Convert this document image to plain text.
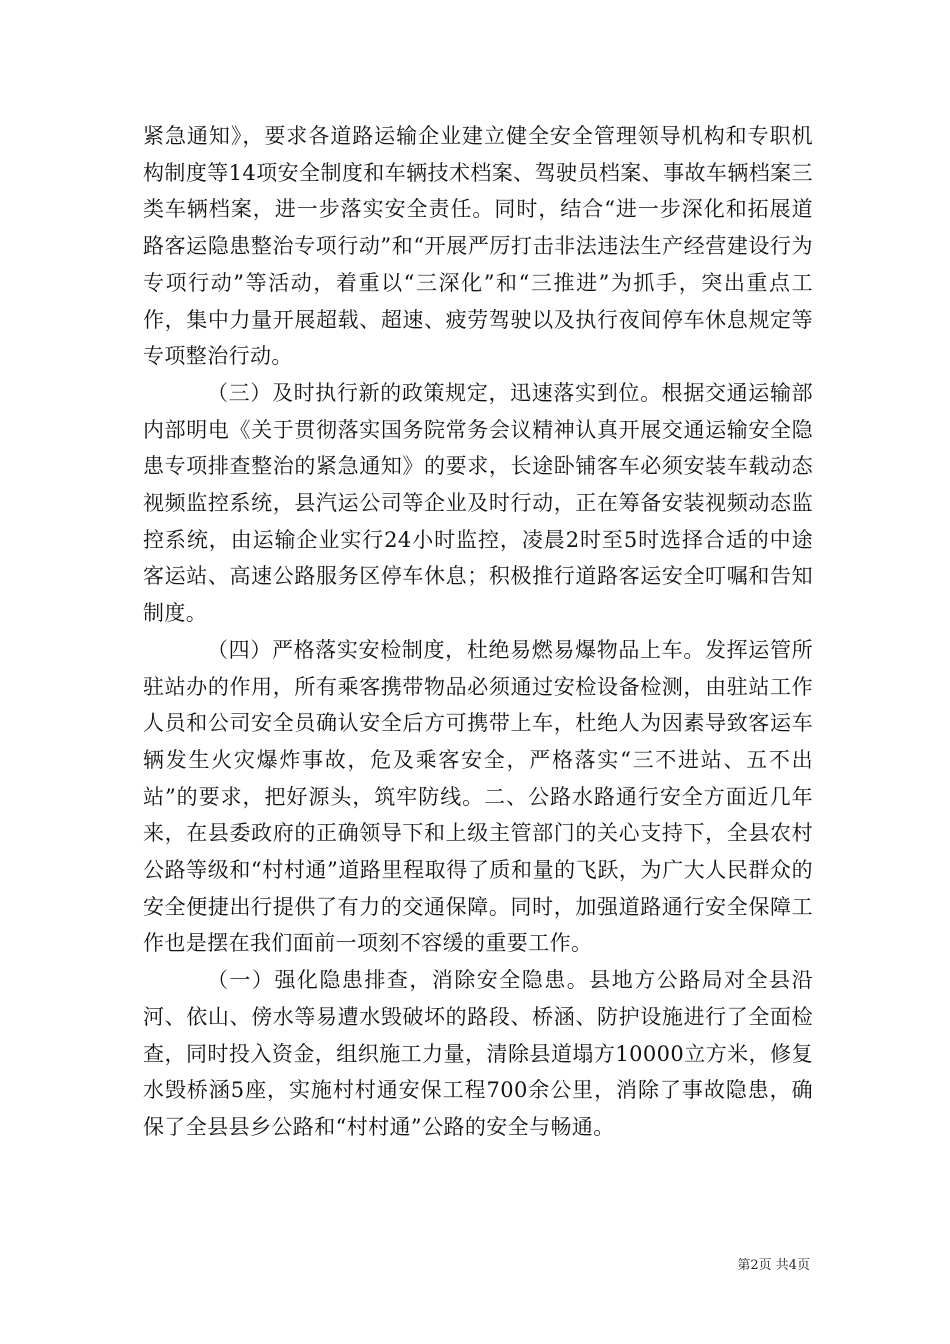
紧急通知》，要求各道路运输企业建立健全安全管理领导机构和专职机构制度等14项安全制度和车辆技术档案、驾驶员档案、事故车辆档案三类车辆档案，进一步落实安全责任。同时，结合“进一步深化和拓展道路客运隐患整治专项行动”和“开展严厉打击非法违法生产经营建设行为专项行动”等活动，着重以“三深化”和“三推进”为抓手，突出重点工作，集中力量开展超载、超速、疲劳驾驶以及执行夜间停车休息规定等专项整治行动。

（三）及时执行新的政策规定，迅速落实到位。根据交通运输部内部明电《关于贯彻落实国务院常务会议精神认真开展交通运输安全隐患专项排查整治的紧急通知》的要求，长途卧铺客车必须安装车载动态视频监控系统，县汽运公司等企业及时行动，正在筹备安装视频动态监控系统，由运输企业实行24小时监控，凌晨2时至5时选择合适的中途客运站、高速公路服务区停车休息；积极推行道路客运安全叮嘱和告知制度。

（四）严格落实安检制度，杜绝易燃易爆物品上车。发挥运管所驻站办的作用，所有乘客携带物品必须通过安检设备检测，由驻站工作人员和公司安全员确认安全后方可携带上车，杜绝人为因素导致客运车辆发生火灾爆炸事故，危及乘客安全，严格落实“三不进站、五不出站”的要求，把好源头，筑牢防线。二、公路水路通行安全方面近几年来，在县委政府的正确领导下和上级主管部门的关心支持下，全县农村公路等级和“村村通”道路里程取得了质和量的飞跃，为广大人民群众的安全便捷出行提供了有力的交通保障。同时，加强道路通行安全保障工作也是摆在我们面前一项刻不容缓的重要工作。

（一）强化隐患排查，消除安全隐患。县地方公路局对全县沿河、依山、傍水等易遭水毁破坏的路段、桥涵、防护设施进行了全面检查，同时投入资金，组织施工力量，清除县道塌方10000立方米，修复水毁桥涵5座，实施村村通安保工程700余公里，消除了事故隐患，确保了全县县乡公路和“村村通”公路的安全与畅通。

第2页 共4页
